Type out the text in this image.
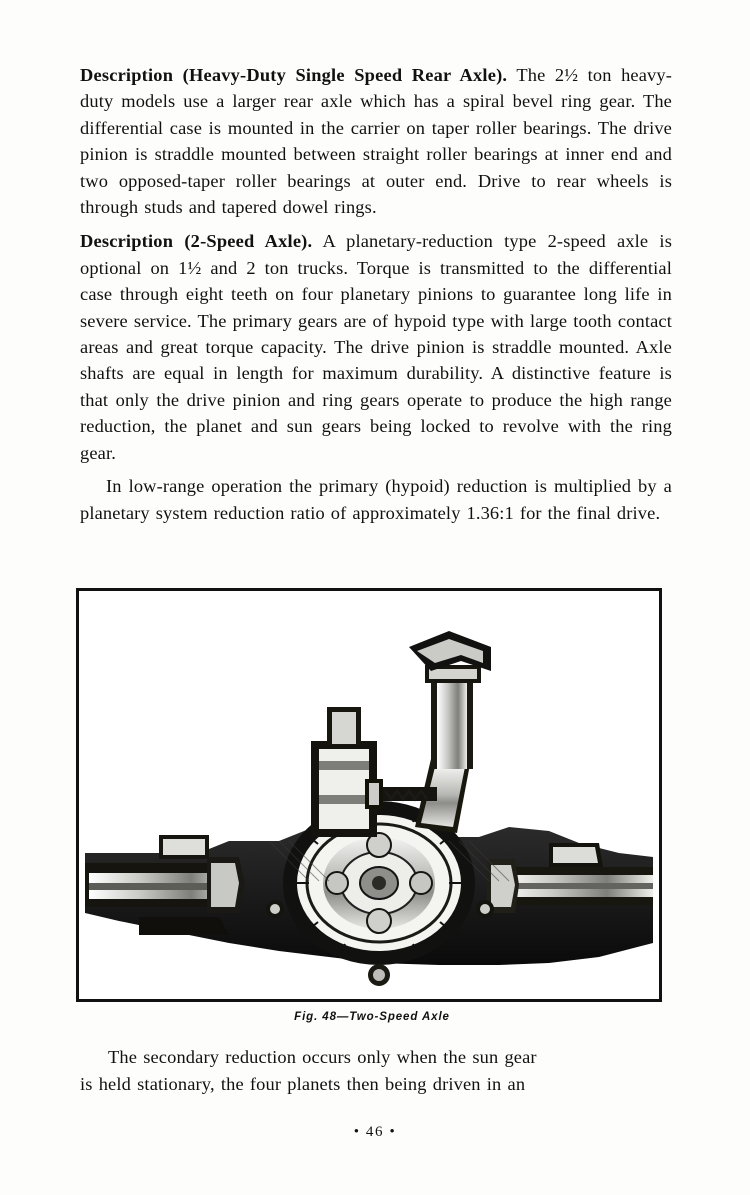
Description (Heavy-Duty Single Speed Rear Axle). The 2½ ton heavy-duty models use a larger rear axle which has a spiral bevel ring gear. The differential case is mounted in the carrier on taper roller bearings. The drive pinion is straddle mounted between straight roller bearings at inner end and two opposed-taper roller bearings at outer end. Drive to rear wheels is through studs and tapered dowel rings.

Description (2-Speed Axle). A planetary-reduction type 2-speed axle is optional on 1½ and 2 ton trucks. Torque is transmitted to the differential case through eight teeth on four planetary pinions to guarantee long life in severe service. The primary gears are of hypoid type with large tooth contact areas and great torque capacity. The drive pinion is straddle mounted. Axle shafts are equal in length for maximum durability. A distinctive feature is that only the drive pinion and ring gears operate to produce the high range reduction, the planet and sun gears being locked to revolve with the ring gear.

In low-range operation the primary (hypoid) reduction is multiplied by a planetary system reduction ratio of approximately 1.36:1 for the final drive.

Fig. 48—Two-Speed Axle

The secondary reduction occurs only when the sun gear

is held stationary, the four planets then being driven in an

• 46 •
